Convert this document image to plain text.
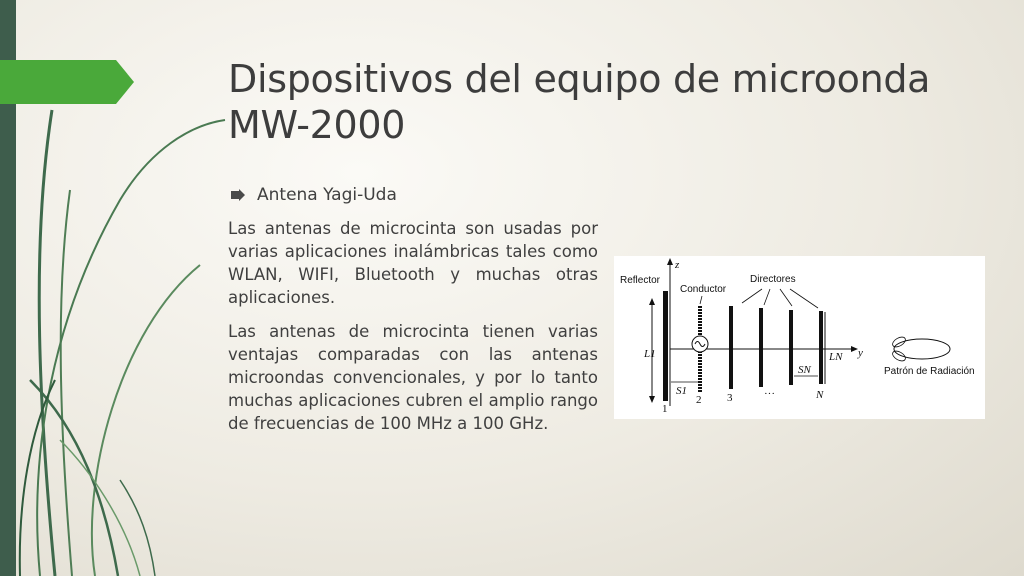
Dispositivos del equipo de microonda MW-2000
Antena Yagi-Uda

Las antenas de microcinta son usadas por varias aplicaciones inalámbricas tales como WLAN, WIFI, Bluetooth y muchas otras aplicaciones.

Las antenas de microcinta tienen varias ventajas comparadas con las antenas microondas convencionales, y por lo tanto muchas aplicaciones cubren el amplio rango de frecuencias de 100 MHz a 100 GHz.

z
y
L1
Reflector
Conductor
Directores
LN
S1
SN
1
2 3	···	N
Patrón de Radiación
